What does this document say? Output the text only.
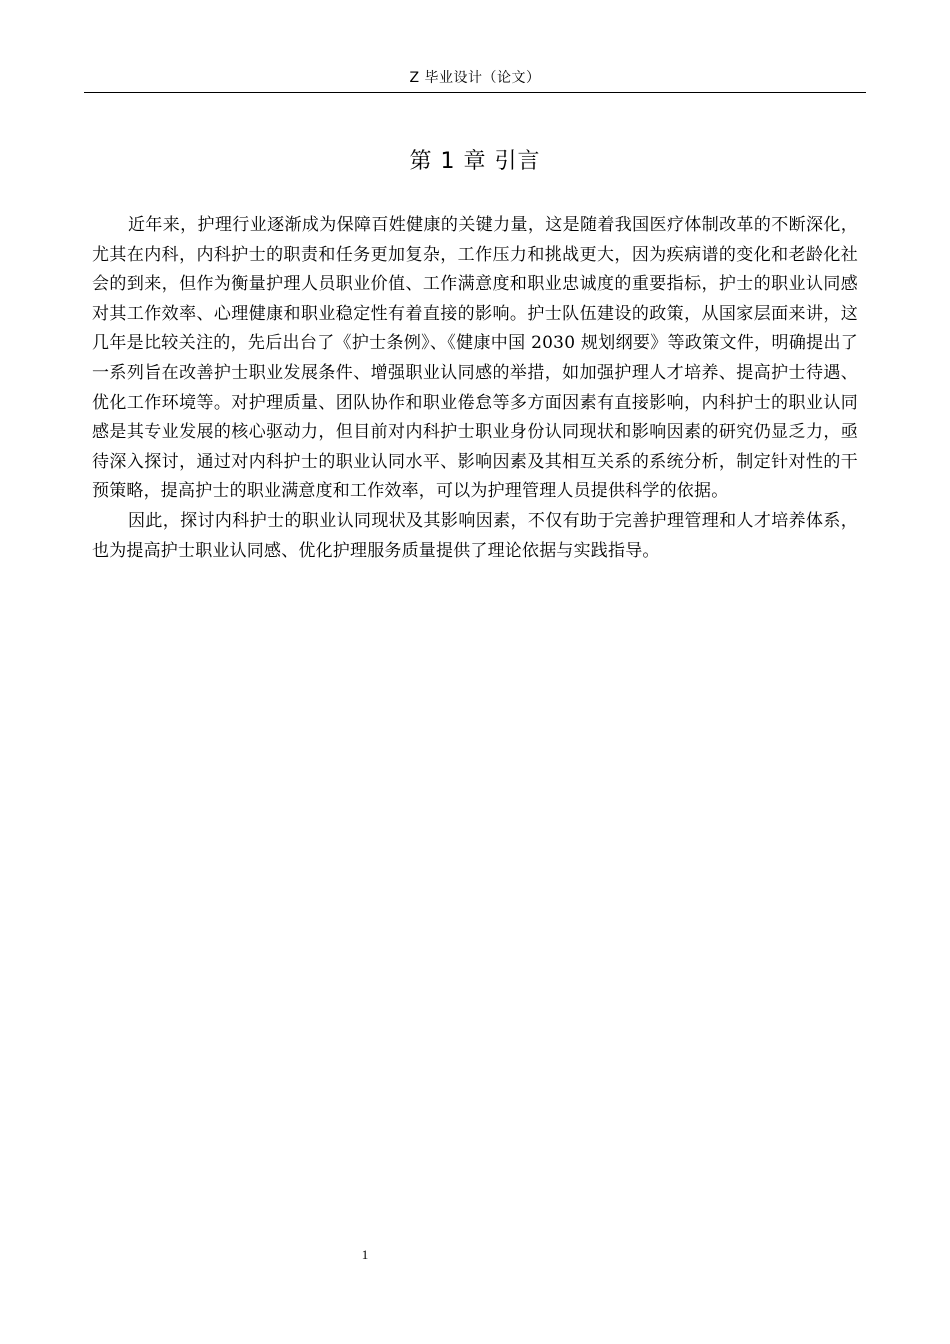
Z 毕业设计（论文）
第 1 章 引言

近年来，护理行业逐渐成为保障百姓健康的关键力量，这是随着我国医疗体制改革的不断深化，尤其在内科，内科护士的职责和任务更加复杂，工作压力和挑战更大，因为疾病谱的变化和老龄化社会的到来，但作为衡量护理人员职业价值、工作满意度和职业忠诚度的重要指标，护士的职业认同感对其工作效率、心理健康和职业稳定性有着直接的影响。护士队伍建设的政策，从国家层面来讲，这几年是比较关注的，先后出台了《护士条例》、《健康中国 2030 规划纲要》等政策文件，明确提出了一系列旨在改善护士职业发展条件、增强职业认同感的举措，如加强护理人才培养、提高护士待遇、优化工作环境等。对护理质量、团队协作和职业倦怠等多方面因素有直接影响，内科护士的职业认同感是其专业发展的核心驱动力，但目前对内科护士职业身份认同现状和影响因素的研究仍显乏力，亟待深入探讨，通过对内科护士的职业认同水平、影响因素及其相互关系的系统分析，制定针对性的干预策略，提高护士的职业满意度和工作效率，可以为护理管理人员提供科学的依据。

因此，探讨内科护士的职业认同现状及其影响因素，不仅有助于完善护理管理和人才培养体系，也为提高护士职业认同感、优化护理服务质量提供了理论依据与实践指导。

1
